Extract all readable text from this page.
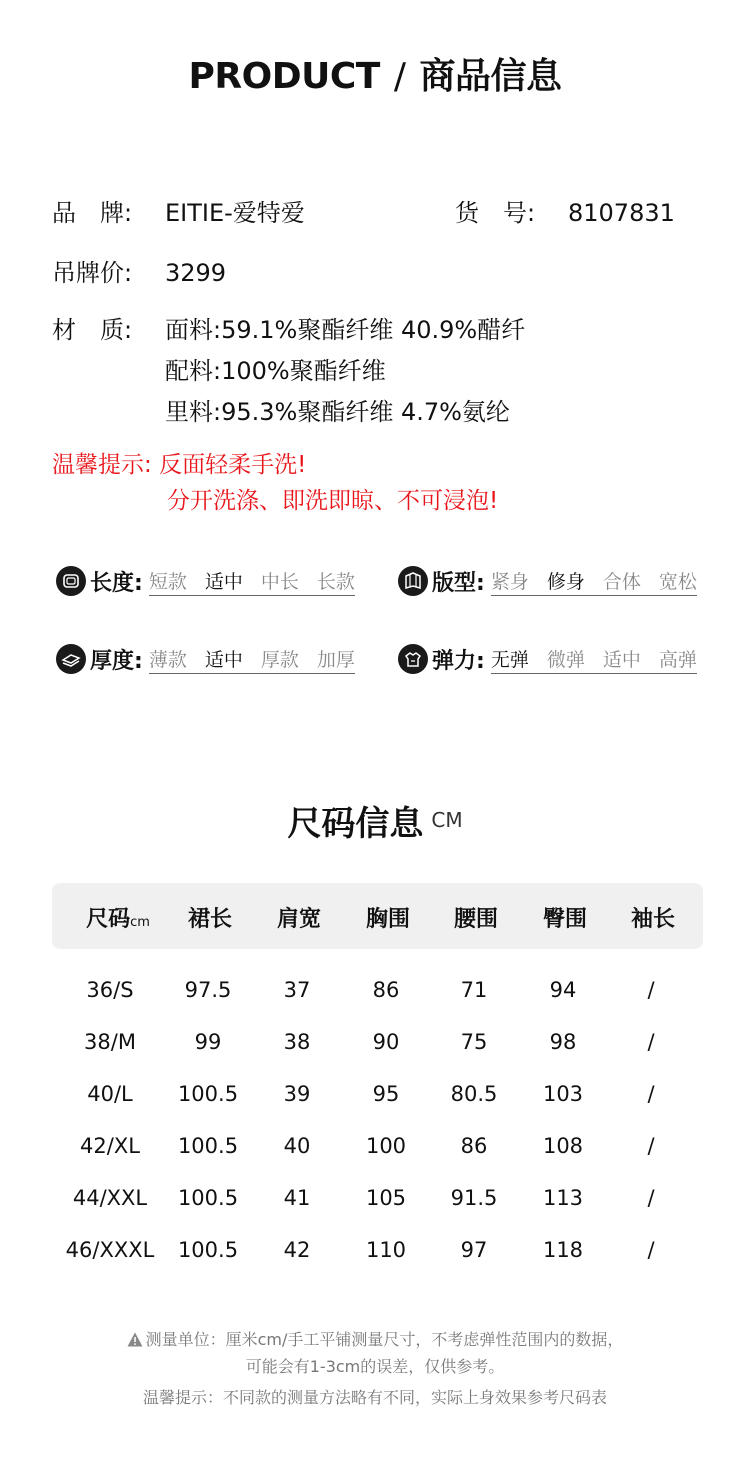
PRODUCT / 商品信息
品　牌: EITIE-爱特爱	货　号: 8107831
吊牌价: 3299
材　质: 面料:59.1%聚酯纤维 40.9%醋纤
配料:100%聚酯纤维
里料:95.3%聚酯纤维 4.7%氨纶
温馨提示: 反面轻柔手洗!
分开洗涤、即洗即晾、不可浸泡!
长度: 短款 适中 中长 长款	版型: 紧身 修身 合体 宽松
厚度: 薄款 适中 厚款 加厚	弹力: 无弹 微弹 适中 高弹
尺码信息 CM
尺码cm	裙长	肩宽	胸围	腰围	臀围	袖长
36/S	97.5	37	86	71	94	/
38/M	99	38	90	75	98	/
40/L	100.5	39	95	80.5	103	/
42/XL	100.5	40	100	86	108	/
44/XXL	100.5	41	105	91.5	113	/
46/XXXL	100.5	42	110	97	118	/
测量单位：厘米cm/手工平铺测量尺寸，不考虑弹性范围内的数据，
可能会有1-3cm的误差，仅供参考。
温馨提示：不同款的测量方法略有不同，实际上身效果参考尺码表
